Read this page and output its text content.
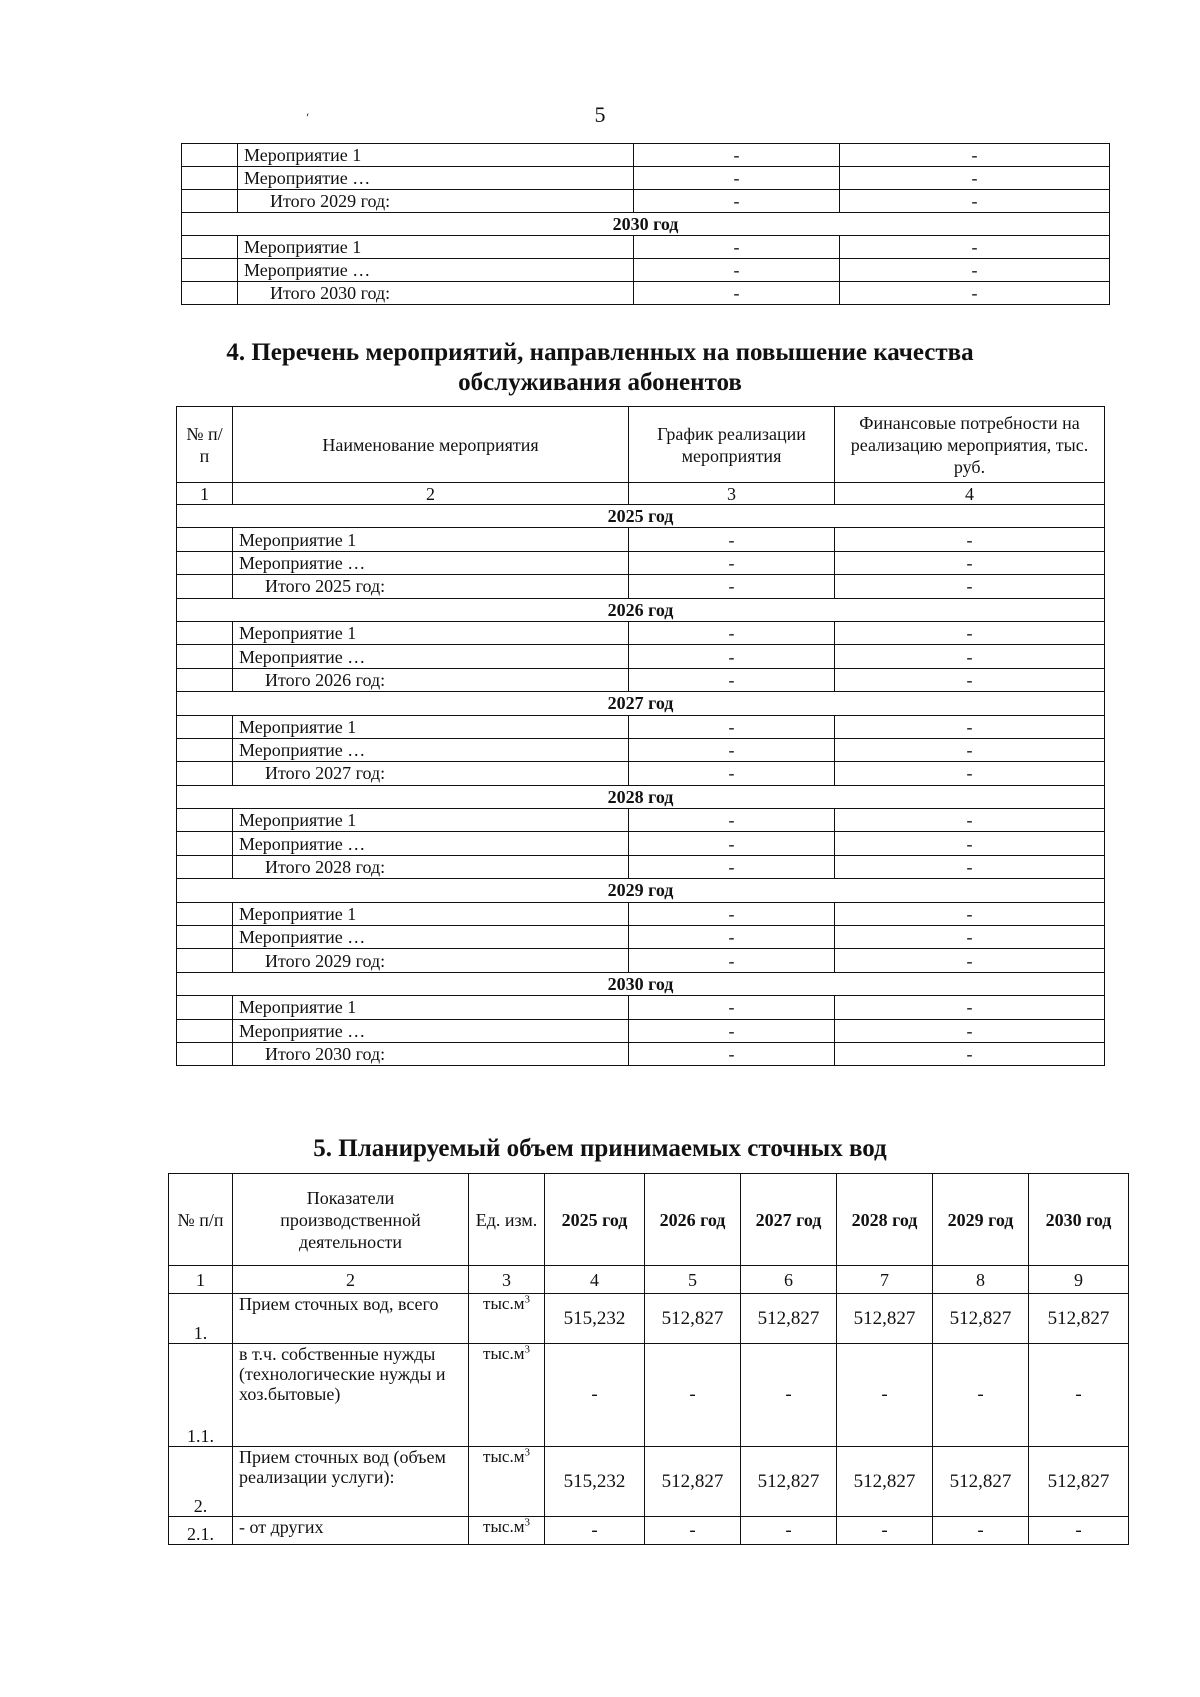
5
´
	Мероприятие 1	-	-
	Мероприятие …	-	-
	Итого 2029 год:	-	-
2030 год			
	Мероприятие 1	-	-
	Мероприятие …	-	-
	Итого 2030 год:	-	-
4. Перечень мероприятий, направленных на повышение качества
обслуживания абонентов
№ п/п	Наименование мероприятия	График реализации мероприятия	Финансовые потребности на реализацию мероприятия, тыс. руб.
1	2	3	4
2025 год			
	Мероприятие 1	-	-
	Мероприятие …	-	-
	Итого 2025 год:	-	-
2026 год			
	Мероприятие 1	-	-
	Мероприятие …	-	-
	Итого 2026 год:	-	-
2027 год			
	Мероприятие 1	-	-
	Мероприятие …	-	-
	Итого 2027 год:	-	-
2028 год			
	Мероприятие 1	-	-
	Мероприятие …	-	-
	Итого 2028 год:	-	-
2029 год			
	Мероприятие 1	-	-
	Мероприятие …	-	-
	Итого 2029 год:	-	-
2030 год			
	Мероприятие 1	-	-
	Мероприятие …	-	-
	Итого 2030 год:	-	-
5. Планируемый объем принимаемых сточных вод
№ п/п	Показатели производственной деятельности	Ед. изм.	2025 год	2026 год	2027 год	2028 год	2029 год	2030 год
1	2	3	4	5	6	7	8	9
1.	Прием сточных вод, всего	$тыс.м^3$	515,232	512,827	512,827	512,827	512,827	512,827
1.1.	в т.ч. собственные нужды (технологические нужды и хоз.бытовые)	$тыс.м^3$	-	-	-	-	-	-
2.	Прием сточных вод (объем реализации услуги):	$тыс.м^3$	515,232	512,827	512,827	512,827	512,827	512,827
2.1.	- от других	$тыс.м^3$	-	-	-	-	-	-
